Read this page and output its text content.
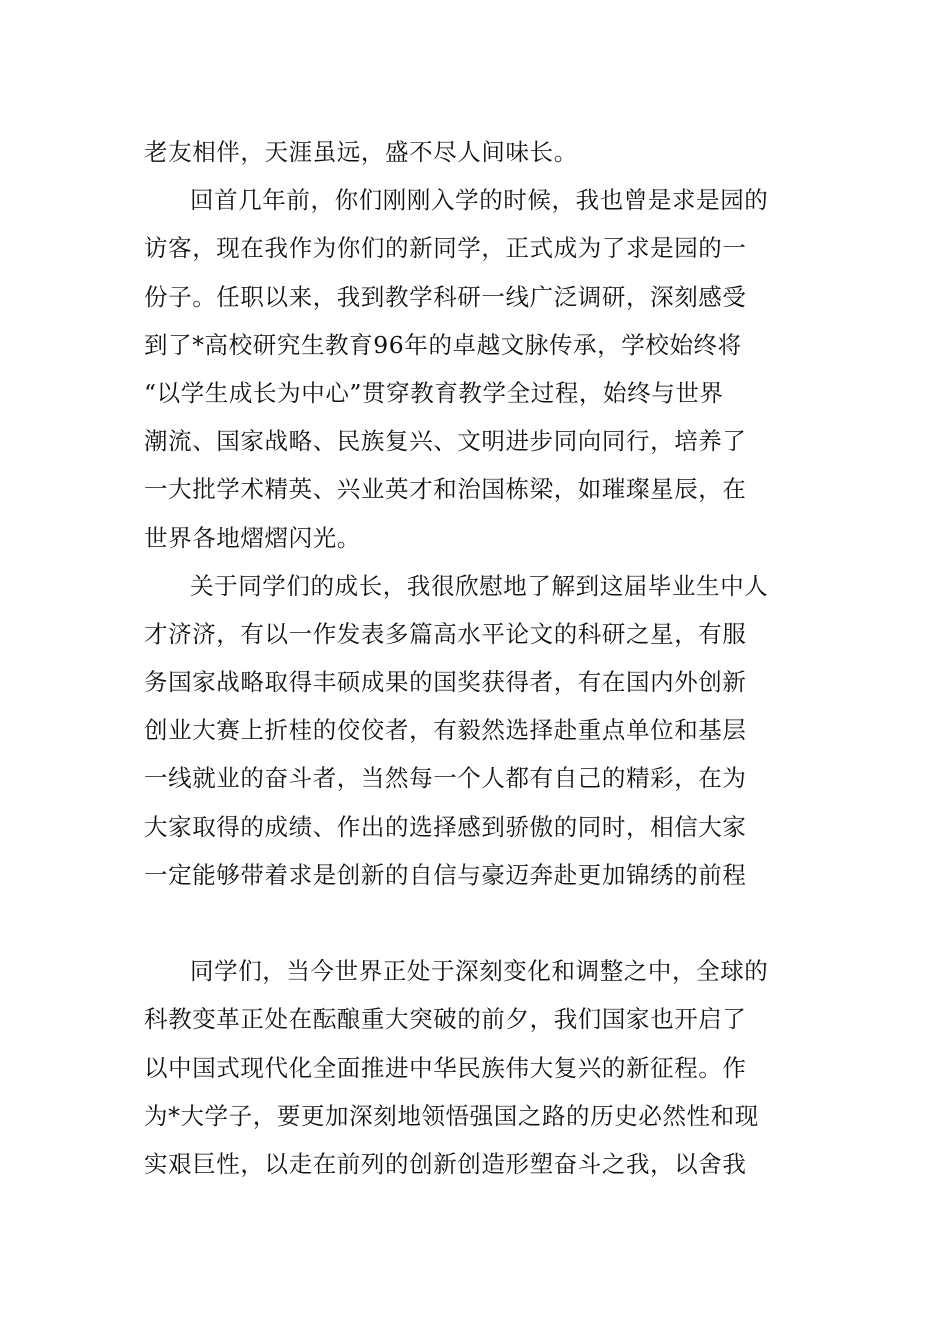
老友相伴，天涯虽远，盛不尽人间味长。
回首几年前，你们刚刚入学的时候，我也曾是求是园的
访客，现在我作为你们的新同学，正式成为了求是园的一
份子。任职以来，我到教学科研一线广泛调研，深刻感受
到了*高校研究生教育96年的卓越文脉传承，学校始终将
“以学生成长为中心”贯穿教育教学全过程，始终与世界
潮流、国家战略、民族复兴、文明进步同向同行，培养了
一大批学术精英、兴业英才和治国栋梁，如璀璨星辰，在
世界各地熠熠闪光。
关于同学们的成长，我很欣慰地了解到这届毕业生中人
才济济，有以一作发表多篇高水平论文的科研之星，有服
务国家战略取得丰硕成果的国奖获得者，有在国内外创新
创业大赛上折桂的佼佼者，有毅然选择赴重点单位和基层
一线就业的奋斗者，当然每一个人都有自己的精彩，在为
大家取得的成绩、作出的选择感到骄傲的同时，相信大家
一定能够带着求是创新的自信与豪迈奔赴更加锦绣的前程
同学们，当今世界正处于深刻变化和调整之中，全球的
科教变革正处在酝酿重大突破的前夕，我们国家也开启了
以中国式现代化全面推进中华民族伟大复兴的新征程。作
为*大学子，要更加深刻地领悟强国之路的历史必然性和现
实艰巨性，以走在前列的创新创造形塑奋斗之我，以舍我
